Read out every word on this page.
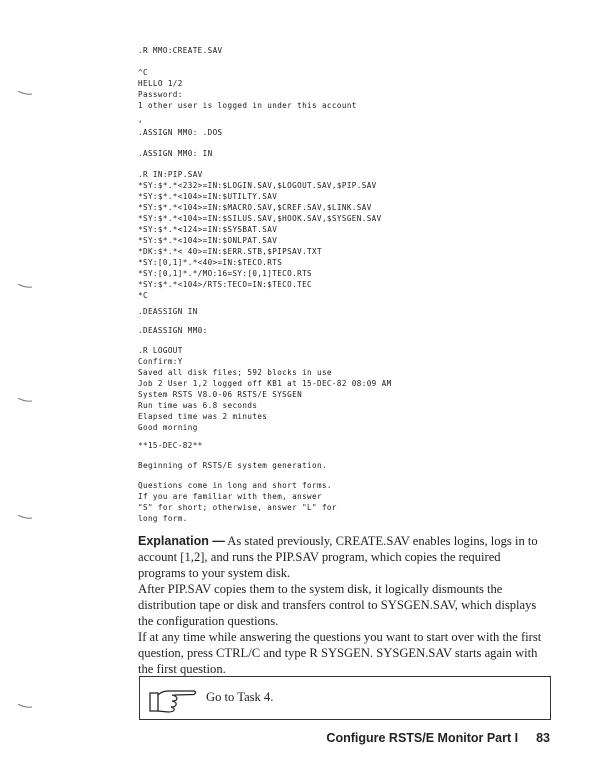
.R MMO:CREATE.SAV
^C
HELLO 1/2
Password:
1 other user is logged in under this account
,
.ASSIGN MM0: .DOS
.ASSIGN MM0: IN
.R IN:PIP.SAV
*SY:$*.*<232>=IN:$LOGIN.SAV,$LOGOUT.SAV,$PIP.SAV
*SY:$*.*<104>=IN:$UTILTY.SAV
*SY:$*.*<104>=IN:$MACRO.SAV,$CREF.SAV,$LINK.SAV
*SY:$*.*<104>=IN:$SILUS.SAV,$HOOK.SAV,$SYSGEN.SAV
*SY:$*.*<124>=IN:$SYSBAT.SAV
*SY:$*.*<104>=IN:$ONLPAT.SAV
*DK:$*.*< 40>=IN:$ERR.STB,$PIPSAV.TXT
*SY:[0,1]*.*<40>=IN:$TECO.RTS
*SY:[0,1]*.*/MO:16=SY:[0,1]TECO.RTS
*SY:$*.*<104>/RTS:TECO=IN:$TECO.TEC
*C
.DEASSIGN IN
.DEASSIGN MM0:
.R LOGOUT
Confirm:Y
Saved all disk files; 592 blocks in use
Job 2 User 1,2 logged off KB1 at 15-DEC-82 08:09 AM
System RSTS V8.0-06 RSTS/E SYSGEN
Run time was 6.8 seconds
Elapsed time was 2 minutes
Good morning
**15-DEC-82**
Beginning of RSTS/E system generation.
Questions come in long and short forms.
If you are familiar with them, answer
"S" for short; otherwise, answer "L" for
long form.

Explanation — As stated previously, CREATE.SAV enables logins, logs in to account [1,2], and runs the PIP.SAV program, which copies the required programs to your system disk.

After PIP.SAV copies them to the system disk, it logically dismounts the distribution tape or disk and transfers control to SYSGEN.SAV, which displays the configuration questions.

If at any time while answering the questions you want to start over with the first question, press CTRL/C and type R SYSGEN. SYSGEN.SAV starts again with the first question.

Go to Task 4.
Configure RSTS/E Monitor Part I 83
